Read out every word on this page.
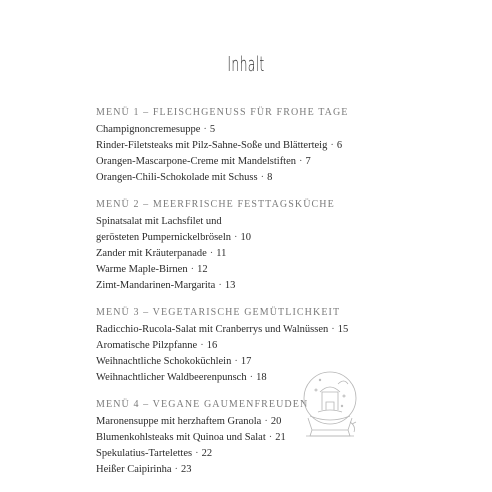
Inhalt
MENÜ 1 – FLEISCHGENUSS FÜR FROHE TAGE
Champignoncremesuppe · 5
Rinder-Filetsteaks mit Pilz-Sahne-Soße und Blätterteig · 6
Orangen-Mascarpone-Creme mit Mandelstiften · 7
Orangen-Chili-Schokolade mit Schuss · 8
MENÜ 2 – MEERFRISCHE FESTTAGSKÜCHE
Spinatsalat mit Lachsfilet und
gerösteten Pumpernickelbröseln · 10
Zander mit Kräuterpanade · 11
Warme Maple-Birnen · 12
Zimt-Mandarinen-Margarita · 13
MENÜ 3 – VEGETARISCHE GEMÜTLICHKEIT
Radicchio-Rucola-Salat mit Cranberrys und Walnüssen · 15
Aromatische Pilzpfanne · 16
Weihnachtliche Schokoküchlein · 17
Weihnachtlicher Waldbeerenpunsch · 18
MENÜ 4 – VEGANE GAUMENFREUDEN
Maronensuppe mit herzhaftem Granola · 20
Blumenkohlsteaks mit Quinoa und Salat · 21
Spekulatius-Tartelettes · 22
Heißer Caipirinha · 23
